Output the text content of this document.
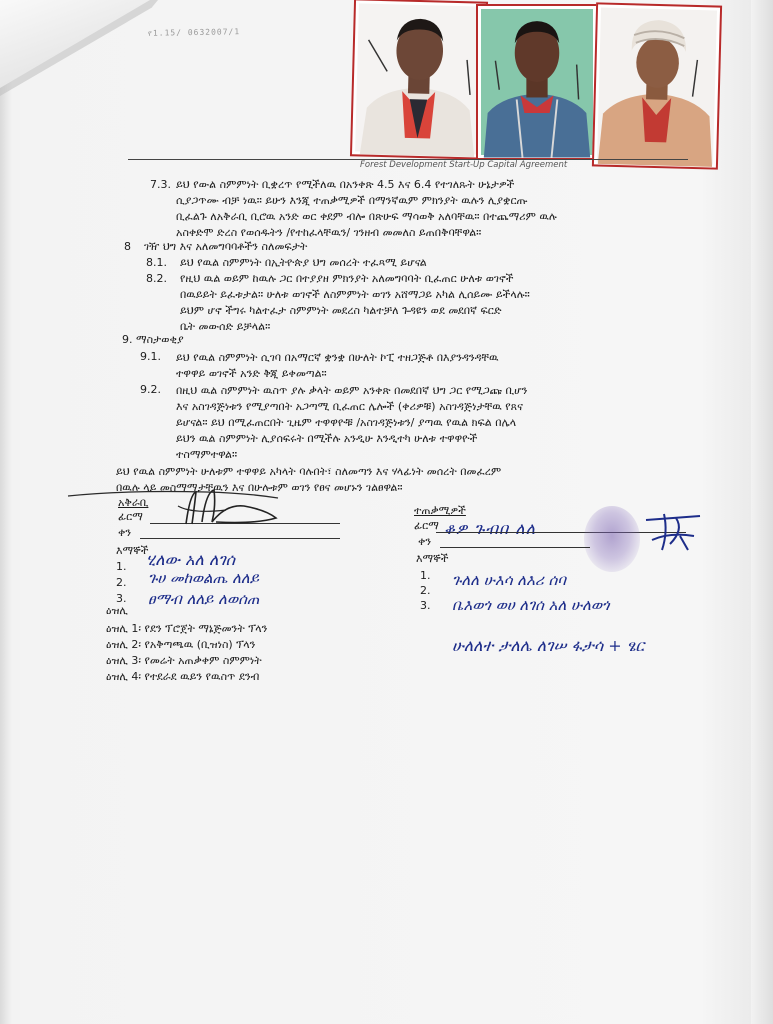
የ1.15/ 0632007/1
Forest Development Start-Up Capital Agreement
7.3. ይህ የውል ስምምነት ቢቋረጥ የሚችለዉ በአንቀጽ 4.5 እና 6.4 የተገለጹት ሁኔታዎች
ሲያጋጥሙ ብቻ ነዉ። ይሁን እንጂ ተጠቃሚዎች በማንኛዉም ምክንያት ዉሉን ሊያቋርጡ
ቢፈልጉ ለአቅራቢ ቢሮዉ አንድ ወር ቀደም ብሎ በጽሁፍ ማሳወቅ አለባቸዉ። በተጨማሪም ዉሉ
አስቀድሞ ድረስ የወሰዱትን /የተከፈላቸዉን/ ገንዘብ መመለስ ይጠበቅባቸዋል።
8 ገዥ ህግ እና አለመግባባቶችን ስለመፍታት
8.1. ይህ የዉል ስምምነት በኢትዮጵያ ህግ መሰረት ተፈጻሚ ይሆናል
8.2. የዚህ ዉል ወይም ከዉሉ ጋር በተያያዘ ምክንያት አለመግባባት ቢፈጠር ሁለቱ ወገኖች
በዉይይት ይፈቱታል። ሁለቱ ወገኖች ለስምምነት ወገን አሸማጋይ አካል ሊሰይሙ ይችላሉ።
ይህም ሆኖ ችግሩ ካልተፈታ ስምምነት መደረስ ካልተቻለ ጉዳዩን ወደ መደበኛ ፍርድ
ቤት መውሰድ ይቻላል።
9. ማስታወቂያ
9.1. ይህ የዉል ስምምነት ሲገባ በአማርኛ ቋንቋ በሁለት ኮፒ ተዘጋጅቶ በእያንዳንዳቸዉ
ተዋዋይ ወገኖች አንድ ቅጂ ይቀመጣል።
9.2. በዚህ ዉል ስምምነት ዉስጥ ያሉ ቃላት ወይም አንቀጽ በመደበኛ ህግ ጋር የሚጋጩ ቢሆን
እና አስገዳጅነቱን የሚያጣበት አጋጣሚ ቢፈጠር ሌሎች (ቀሪዎቹ) አስገዳጅነታቸዉ የጸና
ይሆናል። ይህ በሚፈጠርበት ጊዜም ተዋዋዮቹ /አስገዳጅነቱን/ ያጣዉ የዉል ክፍል በሌላ
ይህን ዉል ስምምነት ሊያሰፍሩት በሚችሉ አንዲሁ እንዲተካ ሁለቱ ተዋዋዮች
ተስማምተዋል።
ይህ የዉል ስምምነት ሁለቱም ተዋዋይ አካላት ባሉበት፣ ስለመጣን እና ሃላፊነት መሰረት በመፈረም
በዉሉ ላይ መስማማታቸዉን እና በሁሉቱም ወገን የፀና መሆኑን ገልፀዋል።
አቅራቢ
ፊርማ
ቀን
እማኞች
1. ሂለው አለ ለገሰ
2. ጉሀ መከወልጤ ለለይ
3. ፀማብ ለለይ ለወሰጠ
ዕዝሊ
ዕዝሊ 1፡ የደን ፕሮጀት ማኔጅመንት ፕላን
ዕዝሊ 2፡ የአቅጣጫዉ (ቢዝነስ) ፕላን
ዕዝሊ 3፡ የመሬት አጠቃቀም ስምምነት
ዕዝሊ 4፡ የተደራደ ዉይን የዉስጥ ደንብ
ተጠቃሚዎች
ፊርማ ቆዎ ጉብበ ለለ
ቀን
እማኞች
1. ጉለለ ሁእሳ ለእሪ ሰባ
2.
3. ቤእወጎ ወሀ ለገሰ አለ ሁለወጎ
ሁለለተ ታለሌ ለገሠ ፋታሳ + ፄር
